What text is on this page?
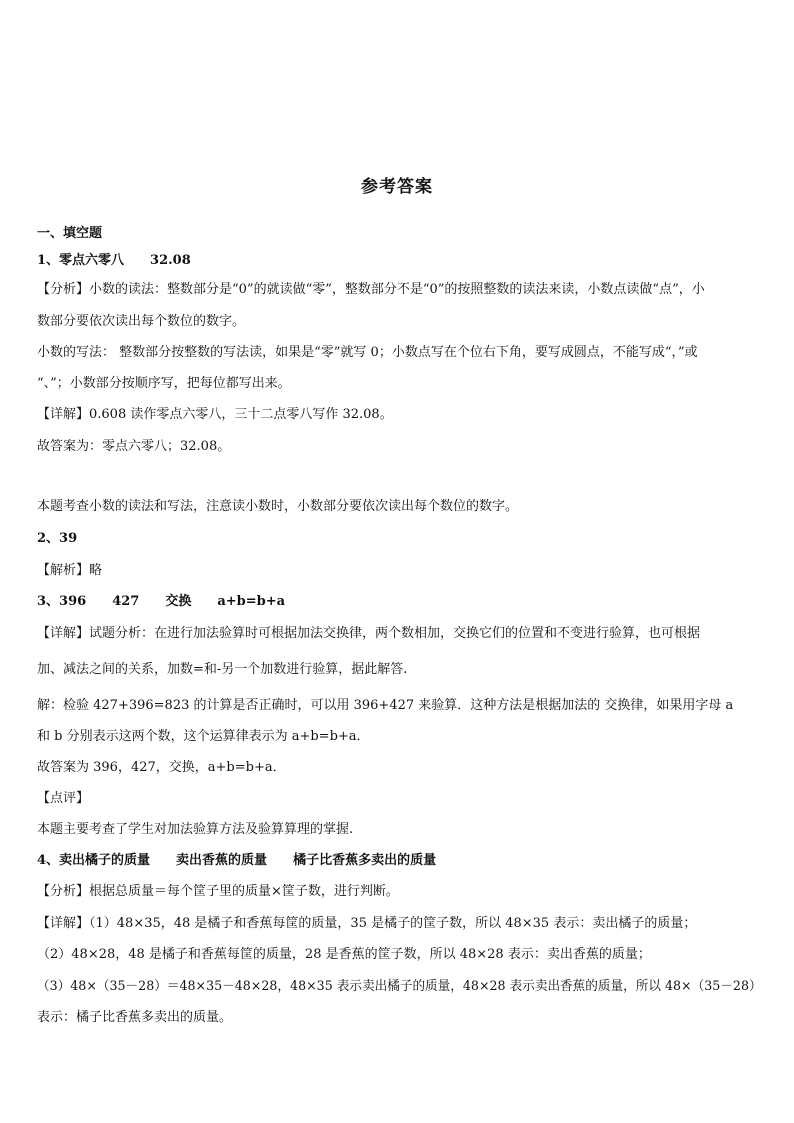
参考答案
一、填空题
1、零点六零八 32.08
【分析】小数的读法：整数部分是“0”的就读做“零”，整数部分不是“0”的按照整数的读法来读，小数点读做“点”，小
数部分要依次读出每个数位的数字。
小数的写法： 整数部分按整数的写法读，如果是“零”就写 0；小数点写在个位右下角，要写成圆点，不能写成“，”或
“、”；小数部分按顺序写，把每位都写出来。
【详解】0.608 读作零点六零八，三十二点零八写作 32.08。
故答案为：零点六零八；32.08。
本题考查小数的读法和写法，注意读小数时，小数部分要依次读出每个数位的数字。
2、39
【解析】略
3、396 427 交换 a+b=b+a
【详解】试题分析：在进行加法验算时可根据加法交换律，两个数相加，交换它们的位置和不变进行验算，也可根据
加、减法之间的关系，加数=和-另一个加数进行验算，据此解答.
解：检验 427+396=823 的计算是否正确时，可以用 396+427 来验算．这种方法是根据加法的 交换律，如果用字母 a
和 b 分别表示这两个数，这个运算律表示为 a+b=b+a．
故答案为 396，427，交换，a+b=b+a．
【点评】
本题主要考查了学生对加法验算方法及验算算理的掌握.
4、卖出橘子的质量 卖出香蕉的质量 橘子比香蕉多卖出的质量
【分析】根据总质量＝每个筐子里的质量×筐子数，进行判断。
【详解】（1）48×35，48 是橘子和香蕉每筐的质量，35 是橘子的筐子数，所以 48×35 表示：卖出橘子的质量；
（2）48×28，48 是橘子和香蕉每筐的质量，28 是香蕉的筐子数，所以 48×28 表示：卖出香蕉的质量；
（3）48×（35－28）＝48×35－48×28，48×35 表示卖出橘子的质量，48×28 表示卖出香蕉的质量，所以 48×（35－28）
表示：橘子比香蕉多卖出的质量。
